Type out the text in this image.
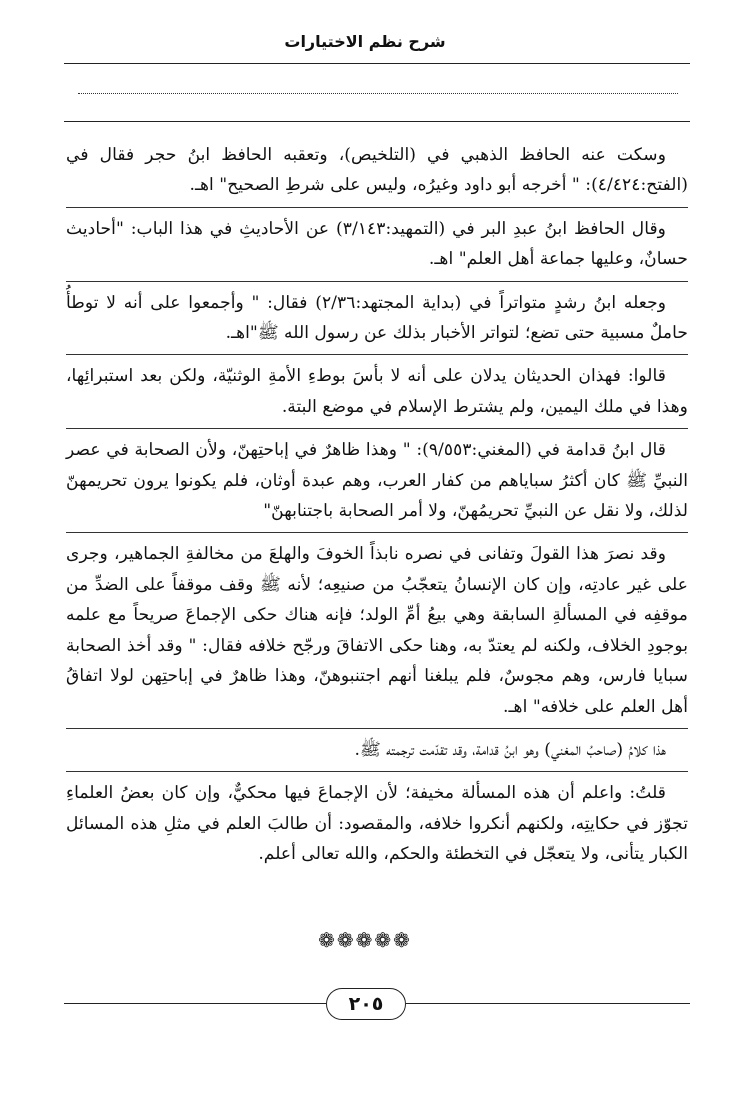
شرح نظم الاختيارات

وسكت عنه الحافظ الذهبي في (التلخيص)، وتعقبه الحافظ ابنُ حجر فقال في (الفتح:٤/٤٢٤): " أخرجه أبو داود وغيرُه، وليس على شرطِ الصحيح" اهـ.

وقال الحافظ ابنُ عبدِ البر في (التمهيد:٣/١٤٣) عن الأحاديثِ في هذا الباب: "أحاديث حسانٌ، وعليها جماعة أهل العلم" اهـ.

وجعله ابنُ رشدٍ متواتراً في (بداية المجتهد:٢/٣٦) فقال: " وأجمعوا على أنه لا توطأُ حاملٌ مسبية حتى تضع؛ لتواتر الأخبار بذلك عن رسول الله ﷺ"اهـ.

قالوا: فهذان الحديثان يدلان على أنه لا بأسَ بوطءِ الأمةِ الوثنيّة، ولكن بعد استبرائِها، وهذا في ملك اليمين، ولم يشترط الإسلام في موضع البتة.

قال ابنُ قدامة في (المغني:٩/٥٥٣): " وهذا ظاهرٌ في إباحتِهنّ، ولأن الصحابة في عصر النبيِّ ﷺ كان أكثرُ سباياهم من كفار العرب، وهم عبدة أوثان، فلم يكونوا يرون تحريمهنّ لذلك، ولا نقل عن النبيِّ تحريمُهنّ، ولا أمر الصحابة باجتنابهنّ"

وقد نصرَ هذا القولَ وتفانى في نصره نابذاً الخوفَ والهلعَ من مخالفةِ الجماهير، وجرى على غير عادتِه، وإن كان الإنسانُ يتعجّبُ من صنيعِه؛ لأنه ﷺ وقف موقفاً على الضدِّ من موقفِه في المسألةِ السابقة وهي بيعُ أمِّ الولد؛ فإنه هناك حكى الإجماعَ صريحاً مع علمه بوجودِ الخلاف، ولكنه لم يعتدّ به، وهنا حكى الاتفاقَ ورجّح خلافه فقال: " وقد أخذ الصحابة سبايا فارس، وهم مجوسٌ، فلم يبلغنا أنهم اجتنبوهنّ، وهذا ظاهرٌ في إباحتِهن لولا اتفاقُ أهل العلم على خلافه" اهـ.

هذا كلامُ (صاحبُ المغني) وهو ابنُ قدامة، وقد تقدّمت ترجمته ﷺ.

قلتُ: واعلم أن هذه المسألة مخيفة؛ لأن الإجماعَ فيها محكيٌّ، وإن كان بعضُ العلماءِ تجوّز في حكايتِه، ولكنهم أنكروا خلافه، والمقصود: أن طالبَ العلم في مثلِ هذه المسائل الكبار يتأنى، ولا يتعجّل في التخطئة والحكم، والله تعالى أعلم.

❁❁❁❁❁
٢٠٥
